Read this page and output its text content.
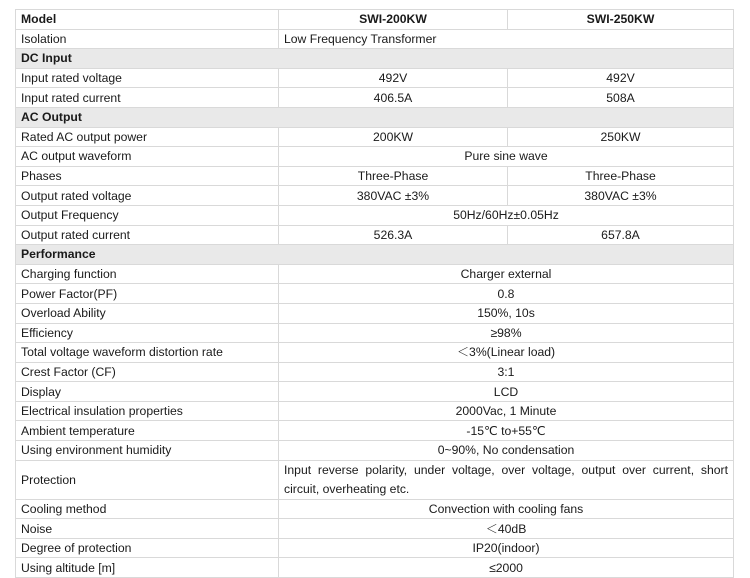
Model	SWI-200KW	SWI-250KW
Isolation	Low Frequency Transformer	
DC Input		
Input rated voltage	492V	492V
Input rated current	406.5A	508A
AC Output		
Rated AC output power	200KW	250KW
AC output waveform	Pure sine wave	
Phases	Three-Phase	Three-Phase
Output rated voltage	380VAC ±3%	380VAC ±3%
Output Frequency	50Hz/60Hz±0.05Hz	
Output rated current	526.3A	657.8A
Performance		
Charging function	Charger external	
Power Factor(PF)	0.8	
Overload Ability	150%, 10s	
Efficiency	≥98%	
Total voltage waveform distortion rate	＜3%(Linear load)	
Crest Factor (CF)	3:1	
Display	LCD	
Electrical insulation properties	2000Vac, 1 Minute	
Ambient temperature	-15℃ to+55℃	
Using environment humidity	0~90%, No condensation	
Protection	Input reverse polarity, under voltage, over voltage, output over current, short circuit, overheating etc.	
Cooling method	Convection with cooling fans	
Noise	＜40dB	
Degree of protection	IP20(indoor)	
Using altitude [m]	≤2000	
